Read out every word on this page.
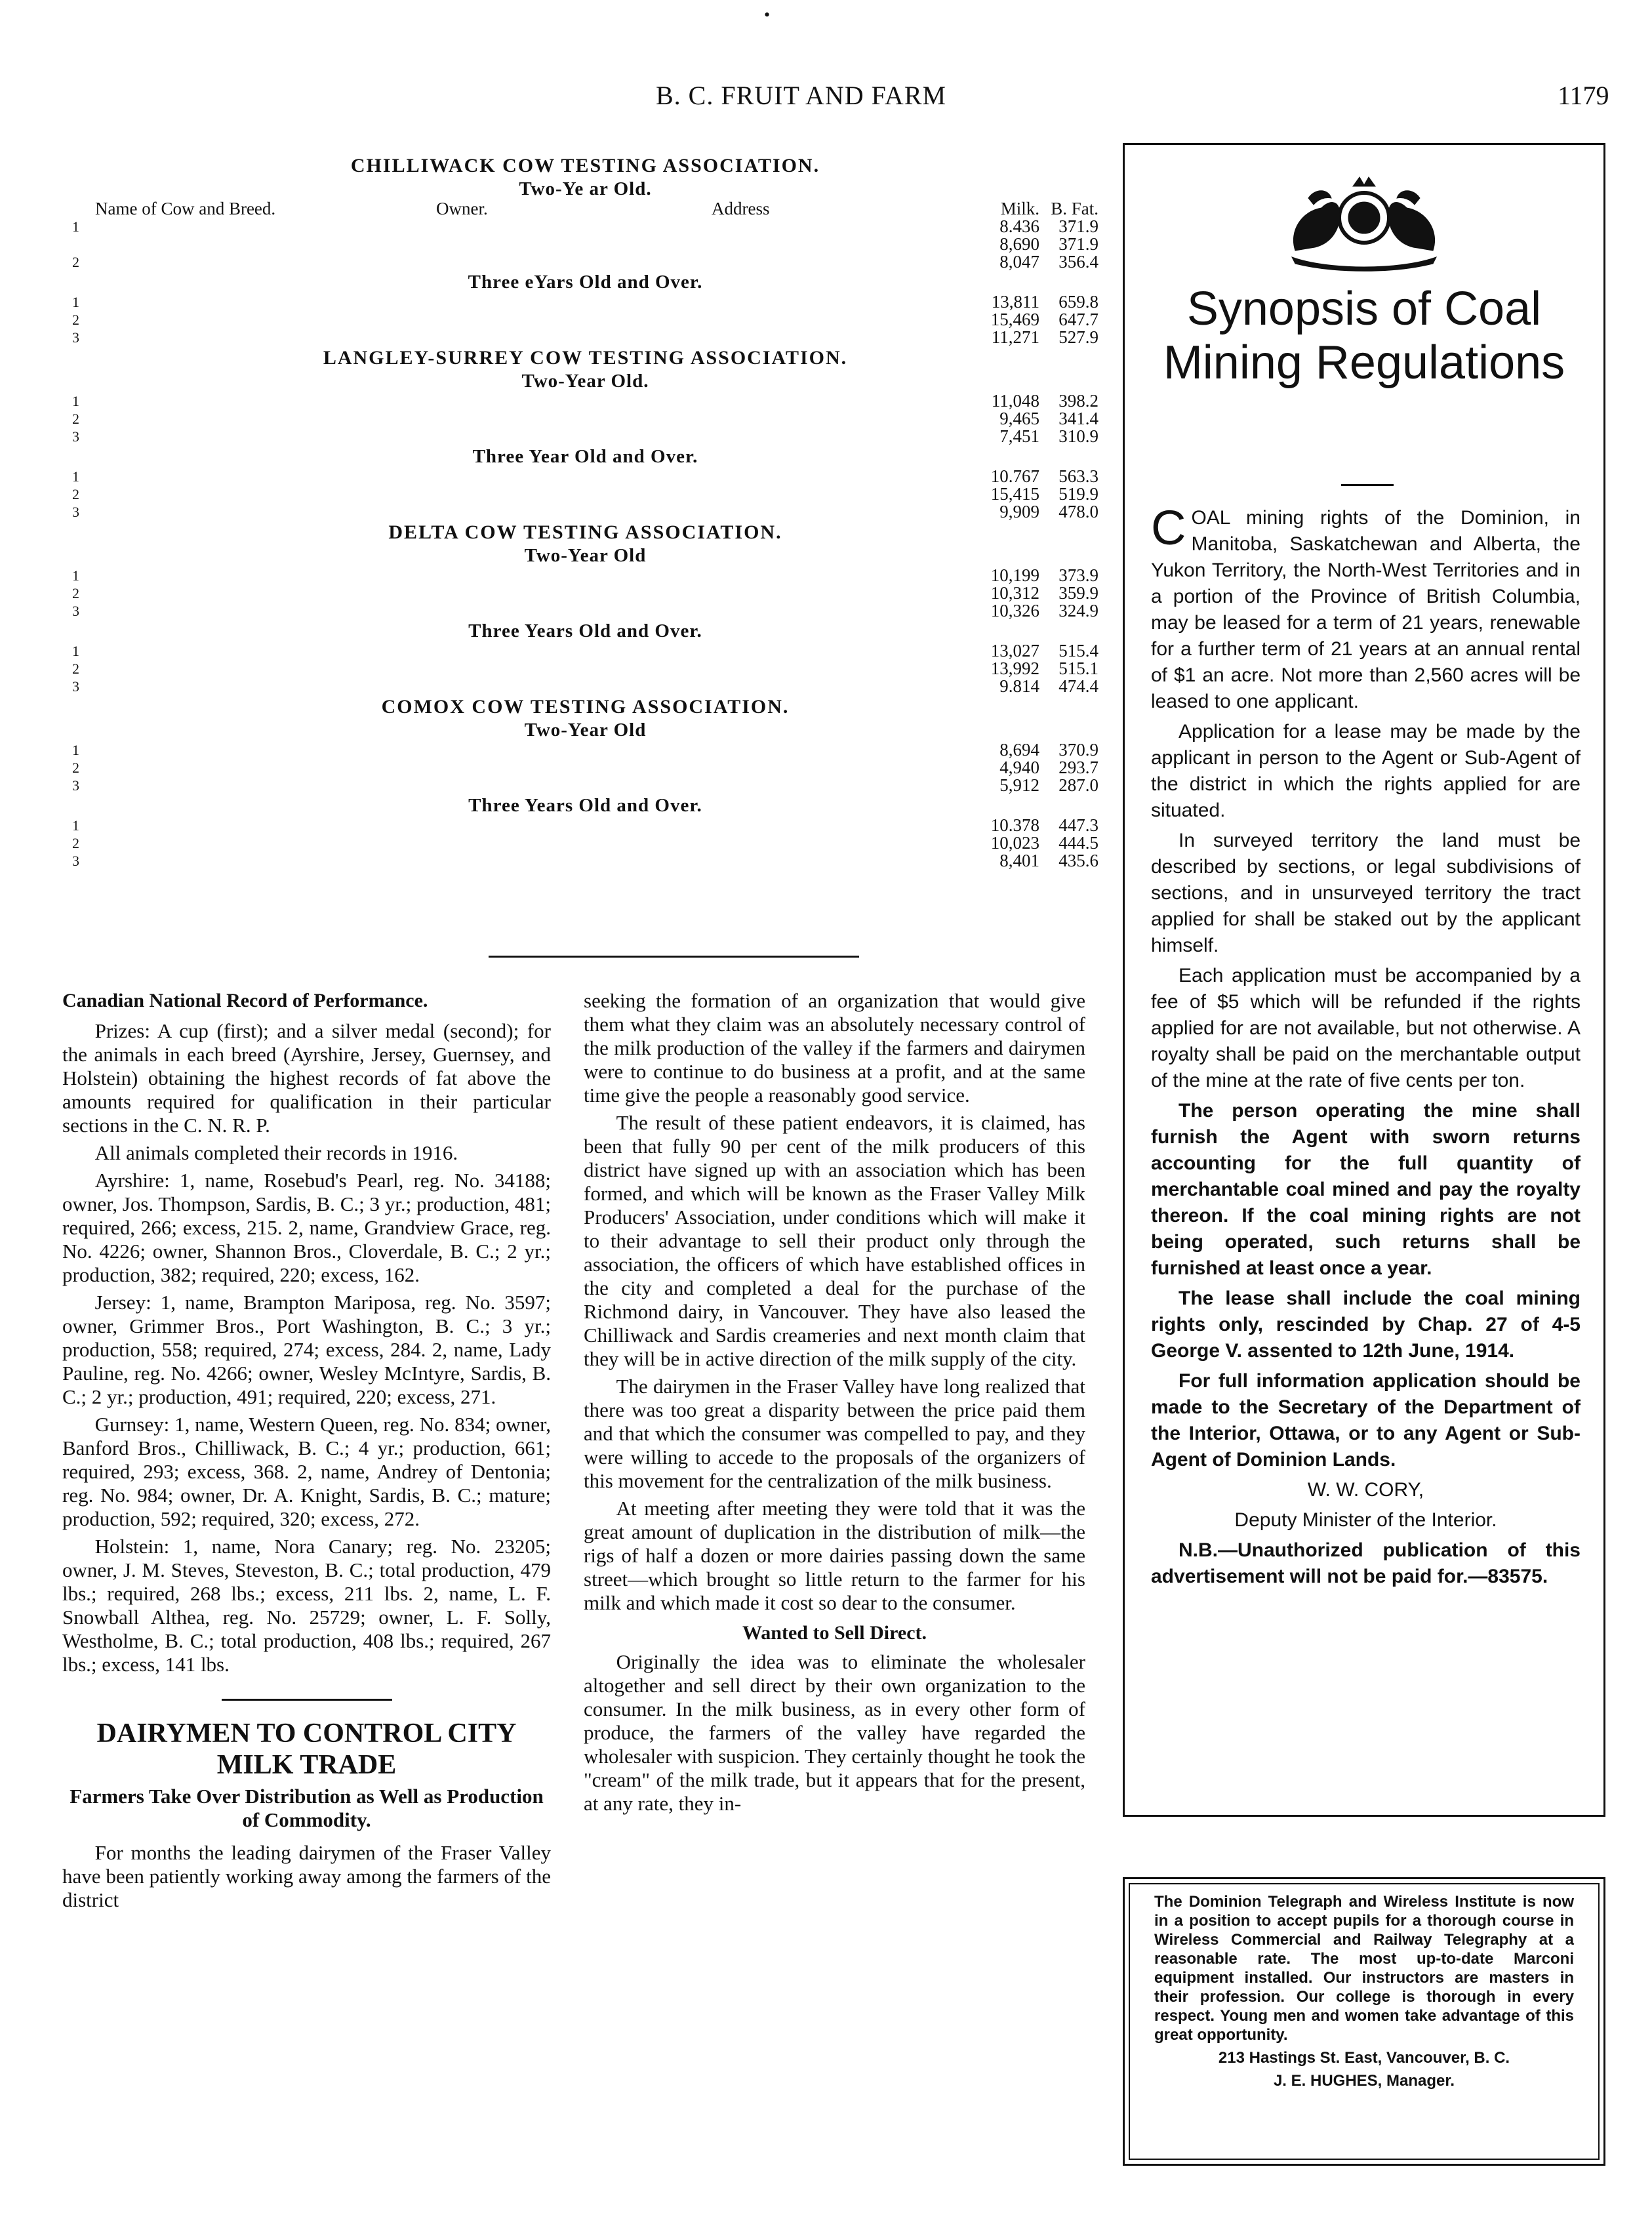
•
B. C. FRUIT AND FARM	1179
CHILLIWACK COW TESTING ASSOCIATION.
Two-Ye ar Old.
Name of Cow and Breed.	Owner.	Address	Milk. B. Fat.
1	8.436	371.9
8,690	371.9
2	8,047	356.4
Three eYars Old and Over.
1	13,811	659.8
2	15,469	647.7
3	11,271	527.9
LANGLEY-SURREY COW TESTING ASSOCIATION.
Two-Year Old.
1	11,048	398.2
2	9,465	341.4
3	7,451	310.9
Three Year Old and Over.
1	10.767	563.3
2	15,415	519.9
3	9,909	478.0
DELTA COW TESTING ASSOCIATION.
Two-Year Old
1	10,199	373.9
2	10,312	359.9
3	10,326	324.9
Three Years Old and Over.
1	13,027	515.4
2	13,992	515.1
3	9.814	474.4
COMOX COW TESTING ASSOCIATION.
Two-Year Old
1	8,694	370.9
2	4,940	293.7
3	5,912	287.0
Three Years Old and Over.
1	10.378	447.3
2	10,023	444.5
3	8,401	435.6
Canadian National Record of Performance.

Prizes: A cup (first); and a silver medal (second); for the animals in each breed (Ayrshire, Jersey, Guernsey, and Holstein) obtaining the highest records of fat above the amounts required for qualification in their particular sections in the C. N. R. P.

All animals completed their records in 1916.

Ayrshire: 1, name, Rosebud's Pearl, reg. No. 34188; owner, Jos. Thompson, Sardis, B. C.; 3 yr.; production, 481; required, 266; excess, 215. 2, name, Grandview Grace, reg. No. 4226; owner, Shannon Bros., Cloverdale, B. C.; 2 yr.; production, 382; required, 220; excess, 162.

Jersey: 1, name, Brampton Mariposa, reg. No. 3597; owner, Grimmer Bros., Port Washington, B. C.; 3 yr.; production, 558; required, 274; excess, 284. 2, name, Lady Pauline, reg. No. 4266; owner, Wesley McIntyre, Sardis, B. C.; 2 yr.; production, 491; required, 220; excess, 271.

Gurnsey: 1, name, Western Queen, reg. No. 834; owner, Banford Bros., Chilliwack, B. C.; 4 yr.; production, 661; required, 293; excess, 368. 2, name, Andrey of Dentonia; reg. No. 984; owner, Dr. A. Knight, Sardis, B. C.; mature; production, 592; required, 320; excess, 272.

Holstein: 1, name, Nora Canary; reg. No. 23205; owner, J. M. Steves, Steveston, B. C.; total production, 479 lbs.; required, 268 lbs.; excess, 211 lbs. 2, name, L. F. Snowball Althea, reg. No. 25729; owner, L. F. Solly, Westholme, B. C.; total production, 408 lbs.; required, 267 lbs.; excess, 141 lbs.

DAIRYMEN TO CONTROL CITY MILK TRADE
Farmers Take Over Distribution as Well as Production of Commodity.

For months the leading dairymen of the Fraser Valley have been patiently working away among the farmers of the district

seeking the formation of an organization that would give them what they claim was an absolutely necessary control of the milk production of the valley if the farmers and dairymen were to continue to do business at a profit, and at the same time give the people a reasonably good service.

The result of these patient endeavors, it is claimed, has been that fully 90 per cent of the milk producers of this district have signed up with an association which has been formed, and which will be known as the Fraser Valley Milk Producers' Association, under conditions which will make it to their advantage to sell their product only through the association, the officers of which have established offices in the city and completed a deal for the purchase of the Richmond dairy, in Vancouver. They have also leased the Chilliwack and Sardis creameries and next month claim that they will be in active direction of the milk supply of the city.

The dairymen in the Fraser Valley have long realized that there was too great a disparity between the price paid them and that which the consumer was compelled to pay, and they were willing to accede to the proposals of the organizers of this movement for the centralization of the milk business.

At meeting after meeting they were told that it was the great amount of duplication in the distribution of milk—the rigs of half a dozen or more dairies passing down the same street—which brought so little return to the farmer for his milk and which made it cost so dear to the consumer.

Wanted to Sell Direct.

Originally the idea was to eliminate the wholesaler altogether and sell direct by their own organization to the consumer. In the milk business, as in every other form of produce, the farmers of the valley have regarded the wholesaler with suspicion. They certainly thought he took the "cream" of the milk trade, but it appears that for the present, at any rate, they in-

Synopsis of Coal Mining Regulations

COAL mining rights of the Dominion, in Manitoba, Saskatchewan and Alberta, the Yukon Territory, the North-West Territories and in a portion of the Province of British Columbia, may be leased for a term of 21 years, renewable for a further term of 21 years at an annual rental of $1 an acre. Not more than 2,560 acres will be leased to one applicant.

Application for a lease may be made by the applicant in person to the Agent or Sub-Agent of the district in which the rights applied for are situated.

In surveyed territory the land must be described by sections, or legal subdivisions of sections, and in unsurveyed territory the tract applied for shall be staked out by the applicant himself.

Each application must be accompanied by a fee of $5 which will be refunded if the rights applied for are not available, but not otherwise. A royalty shall be paid on the merchantable output of the mine at the rate of five cents per ton.

The person operating the mine shall furnish the Agent with sworn returns accounting for the full quantity of merchantable coal mined and pay the royalty thereon. If the coal mining rights are not being operated, such returns shall be furnished at least once a year.

The lease shall include the coal mining rights only, rescinded by Chap. 27 of 4-5 George V. assented to 12th June, 1914.

For full information application should be made to the Secretary of the Department of the Interior, Ottawa, or to any Agent or Sub-Agent of Dominion Lands.

W. W. CORY,

Deputy Minister of the Interior.

N.B.—Unauthorized publication of this advertisement will not be paid for.—83575.

The Dominion Telegraph and Wireless Institute is now in a position to accept pupils for a thorough course in Wireless Commercial and Railway Telegraphy at a reasonable rate. The most up-to-date Marconi equipment installed. Our instructors are masters in their profession. Our college is thorough in every respect. Young men and women take advantage of this great opportunity.
213 Hastings St. East, Vancouver, B. C.
J. E. HUGHES, Manager.
